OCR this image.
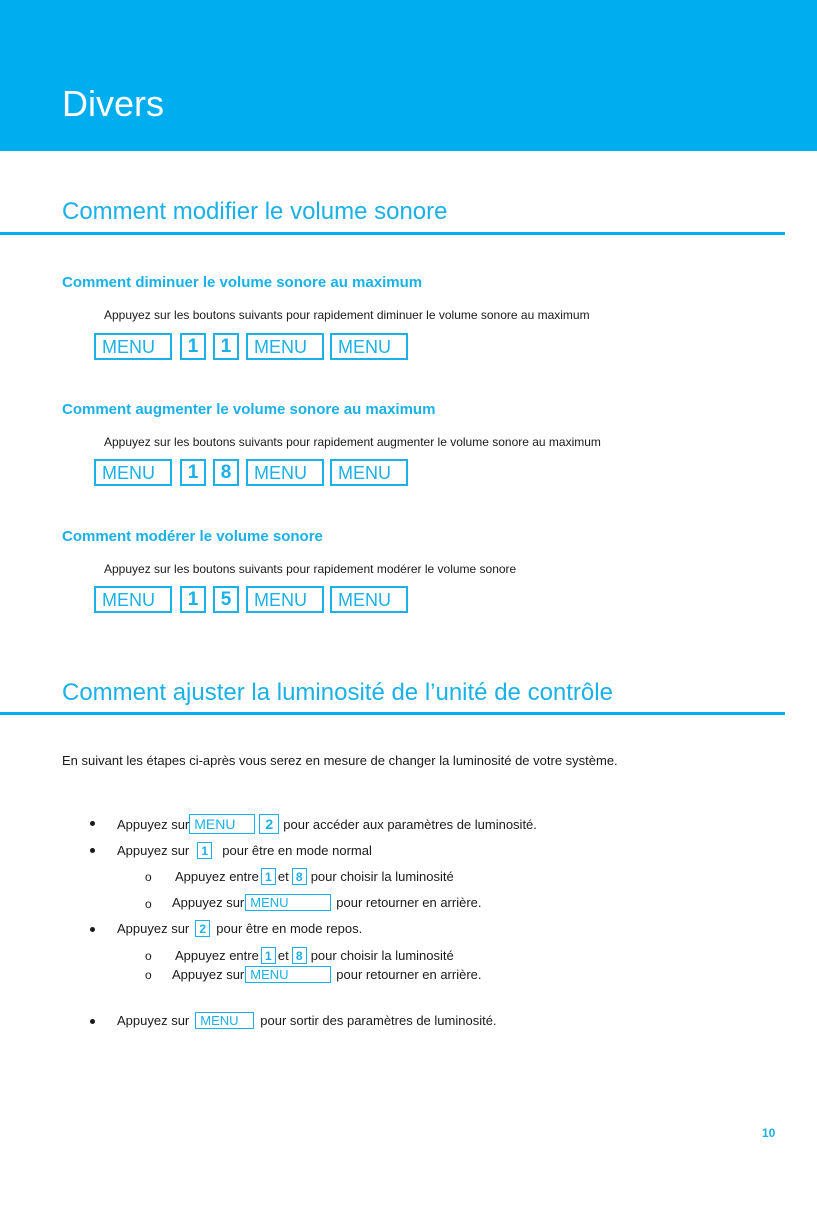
Divers
Comment modifier le volume sonore
Comment diminuer le volume sonore au maximum
Appuyez sur les boutons suivants pour rapidement diminuer le volume sonore au maximum
MENU	1	1	MENU	MENU
Comment augmenter le volume sonore au maximum
Appuyez sur les boutons suivants pour rapidement augmenter le volume sonore au maximum
MENU	1	8	MENU	MENU
Comment modérer le volume sonore
Appuyez sur les boutons suivants pour rapidement modérer le volume sonore
MENU	1	5	MENU	MENU
Comment ajuster la luminosité de l’unité de contrôle
En suivant les étapes ci-après vous serez en mesure de changer la luminosité de votre système.
Appuyez sur MENU	2 pour accéder aux paramètres de luminosité.
Appuyez sur	1	pour être en mode normal
o Appuyez entre 1 et 8 pour choisir la luminosité
o Appuyez sur MENU	pour retourner en arrière.
Appuyez sur 2 pour être en mode repos.
o Appuyez entre 1 et 8 pour choisir la luminosité
o Appuyez sur MENU	pour retourner en arrière.
Appuyez sur MENU	pour sortir des paramètres de luminosité.
10
